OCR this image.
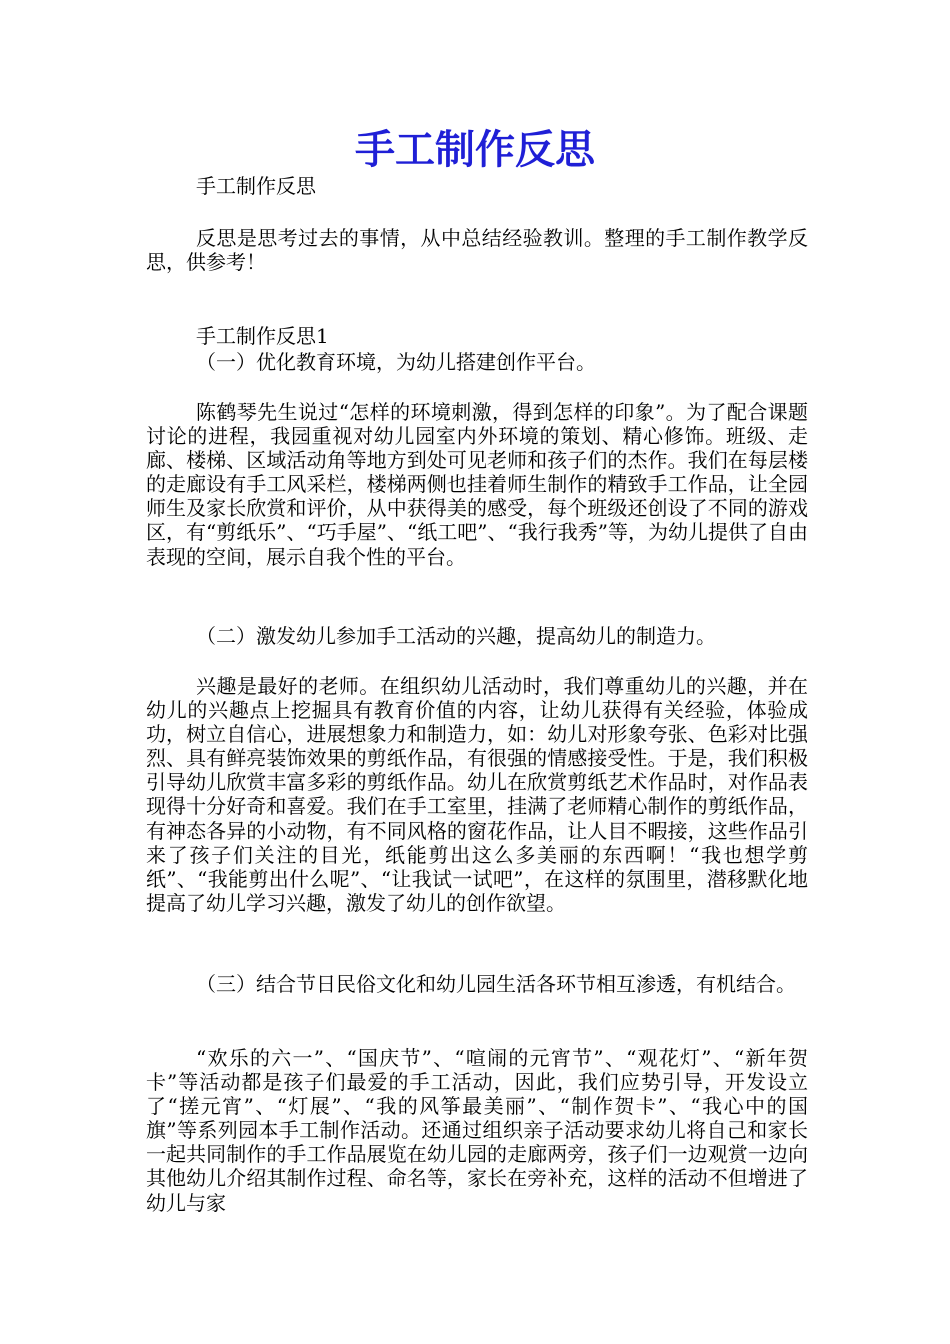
手工制作反思

手工制作反思

反思是思考过去的事情，从中总结经验教训。整理的手工制作教学反思，供参考！

手工制作反思1

（一）优化教育环境，为幼儿搭建创作平台。

陈鹤琴先生说过“怎样的环境刺激，得到怎样的印象”。为了配合课题讨论的进程，我园重视对幼儿园室内外环境的策划、精心修饰。班级、走廊、楼梯、区域活动角等地方到处可见老师和孩子们的杰作。我们在每层楼的走廊设有手工风采栏，楼梯两侧也挂着师生制作的精致手工作品，让全园师生及家长欣赏和评价，从中获得美的感受，每个班级还创设了不同的游戏区，有“剪纸乐”、“巧手屋”、“纸工吧”、“我行我秀”等，为幼儿提供了自由表现的空间，展示自我个性的平台。

（二）激发幼儿参加手工活动的兴趣，提高幼儿的制造力。

兴趣是最好的老师。在组织幼儿活动时，我们尊重幼儿的兴趣，并在幼儿的兴趣点上挖掘具有教育价值的内容，让幼儿获得有关经验，体验成功，树立自信心，进展想象力和制造力，如：幼儿对形象夸张、色彩对比强烈、具有鲜亮装饰效果的剪纸作品，有很强的情感接受性。于是，我们积极引导幼儿欣赏丰富多彩的剪纸作品。幼儿在欣赏剪纸艺术作品时，对作品表现得十分好奇和喜爱。我们在手工室里，挂满了老师精心制作的剪纸作品，有神态各异的小动物，有不同风格的窗花作品，让人目不暇接，这些作品引来了孩子们关注的目光，纸能剪出这么多美丽的东西啊！“我也想学剪纸”、“我能剪出什么呢”、“让我试一试吧”，在这样的氛围里，潜移默化地提高了幼儿学习兴趣，激发了幼儿的创作欲望。

（三）结合节日民俗文化和幼儿园生活各环节相互渗透，有机结合。

“欢乐的六一”、“国庆节”、“喧闹的元宵节”、“观花灯”、“新年贺卡”等活动都是孩子们最爱的手工活动，因此，我们应势引导，开发设立了“搓元宵”、“灯展”、“我的风筝最美丽”、“制作贺卡”、“我心中的国旗”等系列园本手工制作活动。还通过组织亲子活动要求幼儿将自己和家长一起共同制作的手工作品展览在幼儿园的走廊两旁，孩子们一边观赏一边向其他幼儿介绍其制作过程、命名等，家长在旁补充，这样的活动不但增进了幼儿与家
